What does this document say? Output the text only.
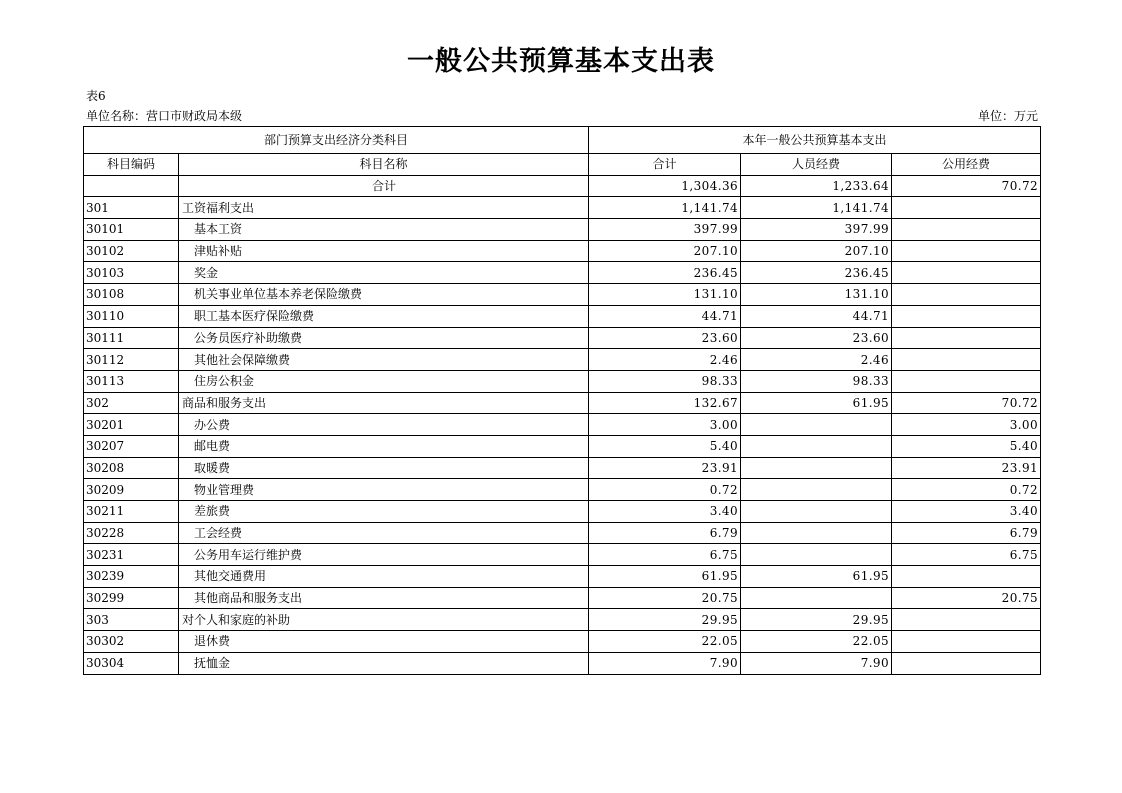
一般公共预算基本支出表
表6
单位名称：营口市财政局本级	单位：万元
部门预算支出经济分类科目		本年一般公共预算基本支出		
科目编码	科目名称	合计	人员经费	公用经费
	合计	1,304.36	1,233.64	70.72
301	工资福利支出	1,141.74	1,141.74	
30101	基本工资	397.99	397.99	
30102	津贴补贴	207.10	207.10	
30103	奖金	236.45	236.45	
30108	机关事业单位基本养老保险缴费	131.10	131.10	
30110	职工基本医疗保险缴费	44.71	44.71	
30111	公务员医疗补助缴费	23.60	23.60	
30112	其他社会保障缴费	2.46	2.46	
30113	住房公积金	98.33	98.33	
302	商品和服务支出	132.67	61.95	70.72
30201	办公费	3.00		3.00
30207	邮电费	5.40		5.40
30208	取暖费	23.91		23.91
30209	物业管理费	0.72		0.72
30211	差旅费	3.40		3.40
30228	工会经费	6.79		6.79
30231	公务用车运行维护费	6.75		6.75
30239	其他交通费用	61.95	61.95	
30299	其他商品和服务支出	20.75		20.75
303	对个人和家庭的补助	29.95	29.95	
30302	退休费	22.05	22.05	
30304	抚恤金	7.90	7.90	
